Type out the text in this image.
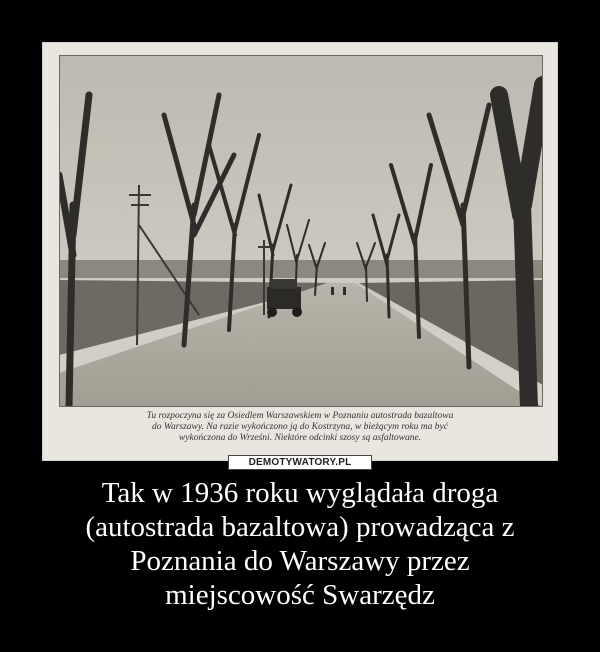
Tu rozpoczyna się za Osiedlem Warszawskiem w Poznaniu autostrada bazaltowa
do Warszawy. Na razie wykończono ją do Kostrzyna, w bieżącym roku ma być
wykończona do Wrześni. Niektóre odcinki szosy są asfaltowane.
DEMOTYWATORY.PL
Tak w 1936 roku wyglądała droga
(autostrada bazaltowa) prowadząca z
Poznania do Warszawy przez
miejscowość Swarzędz
